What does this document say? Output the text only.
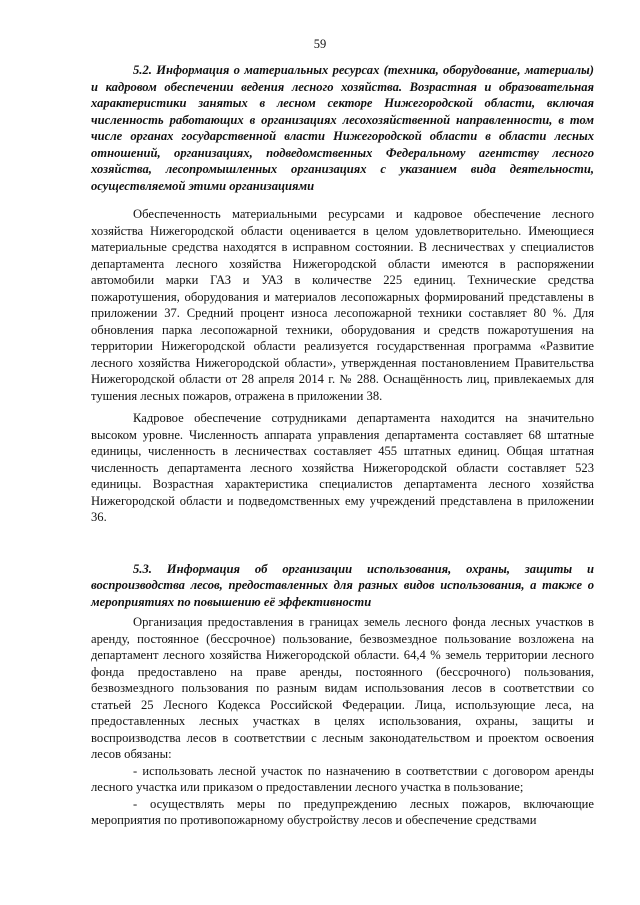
59

5.2. Информация о материальных ресурсах (техника, оборудование, материалы) и кадровом обеспечении ведения лесного хозяйства. Возрастная и образовательная характеристики занятых в лесном секторе Нижегородской области, включая численность работающих в организациях лесохозяйственной направленности, в том числе органах государственной власти Нижегородской области в области лесных отношений, организациях, подведомственных Федеральному агентству лесного хозяйства, лесопромышленных организациях с указанием вида деятельности, осуществляемой этими организациями

Обеспеченность материальными ресурсами и кадровое обеспечение лесного хозяйства Нижегородской области оценивается в целом удовлетворительно. Имеющиеся материальные средства находятся в исправном состоянии. В лесничествах у специалистов департамента лесного хозяйства Нижегородской области имеются в распоряжении автомобили марки ГАЗ и УАЗ в количестве 225 единиц. Технические средства пожаротушения, оборудования и материалов лесопожарных формирований представлены в приложении 37. Средний процент износа лесопожарной техники составляет 80 %. Для обновления парка лесопожарной техники, оборудования и средств пожаротушения на территории Нижегородской области реализуется государственная программа «Развитие лесного хозяйства Нижегородской области», утвержденная постановлением Правительства Нижегородской области от 28 апреля 2014 г. № 288. Оснащённость лиц, привлекаемых для тушения лесных пожаров, отражена в приложении 38.

Кадровое обеспечение сотрудниками департамента находится на значительно высоком уровне. Численность аппарата управления департамента составляет 68 штатные единицы, численность в лесничествах составляет 455 штатных единиц. Общая штатная численность департамента лесного хозяйства Нижегородской области составляет 523 единицы. Возрастная характеристика специалистов департамента лесного хозяйства Нижегородской области и подведомственных ему учреждений представлена в приложении 36.

5.3. Информация об организации использования, охраны, защиты и воспроизводства лесов, предоставленных для разных видов использования, а также о мероприятиях по повышению её эффективности

Организация предоставления в границах земель лесного фонда лесных участков в аренду, постоянное (бессрочное) пользование, безвозмездное пользование возложена на департамент лесного хозяйства Нижегородской области. 64,4 % земель территории лесного фонда предоставлено на праве аренды, постоянного (бессрочного) пользования, безвозмездного пользования по разным видам использования лесов в соответствии со статьей 25 Лесного Кодекса Российской Федерации. Лица, использующие леса, на предоставленных лесных участках в целях использования, охраны, защиты и воспроизводства лесов в соответствии с лесным законодательством и проектом освоения лесов обязаны:

- использовать лесной участок по назначению в соответствии с договором аренды лесного участка или приказом о предоставлении лесного участка в пользование;

- осуществлять меры по предупреждению лесных пожаров, включающие мероприятия по противопожарному обустройству лесов и обеспечение средствами
